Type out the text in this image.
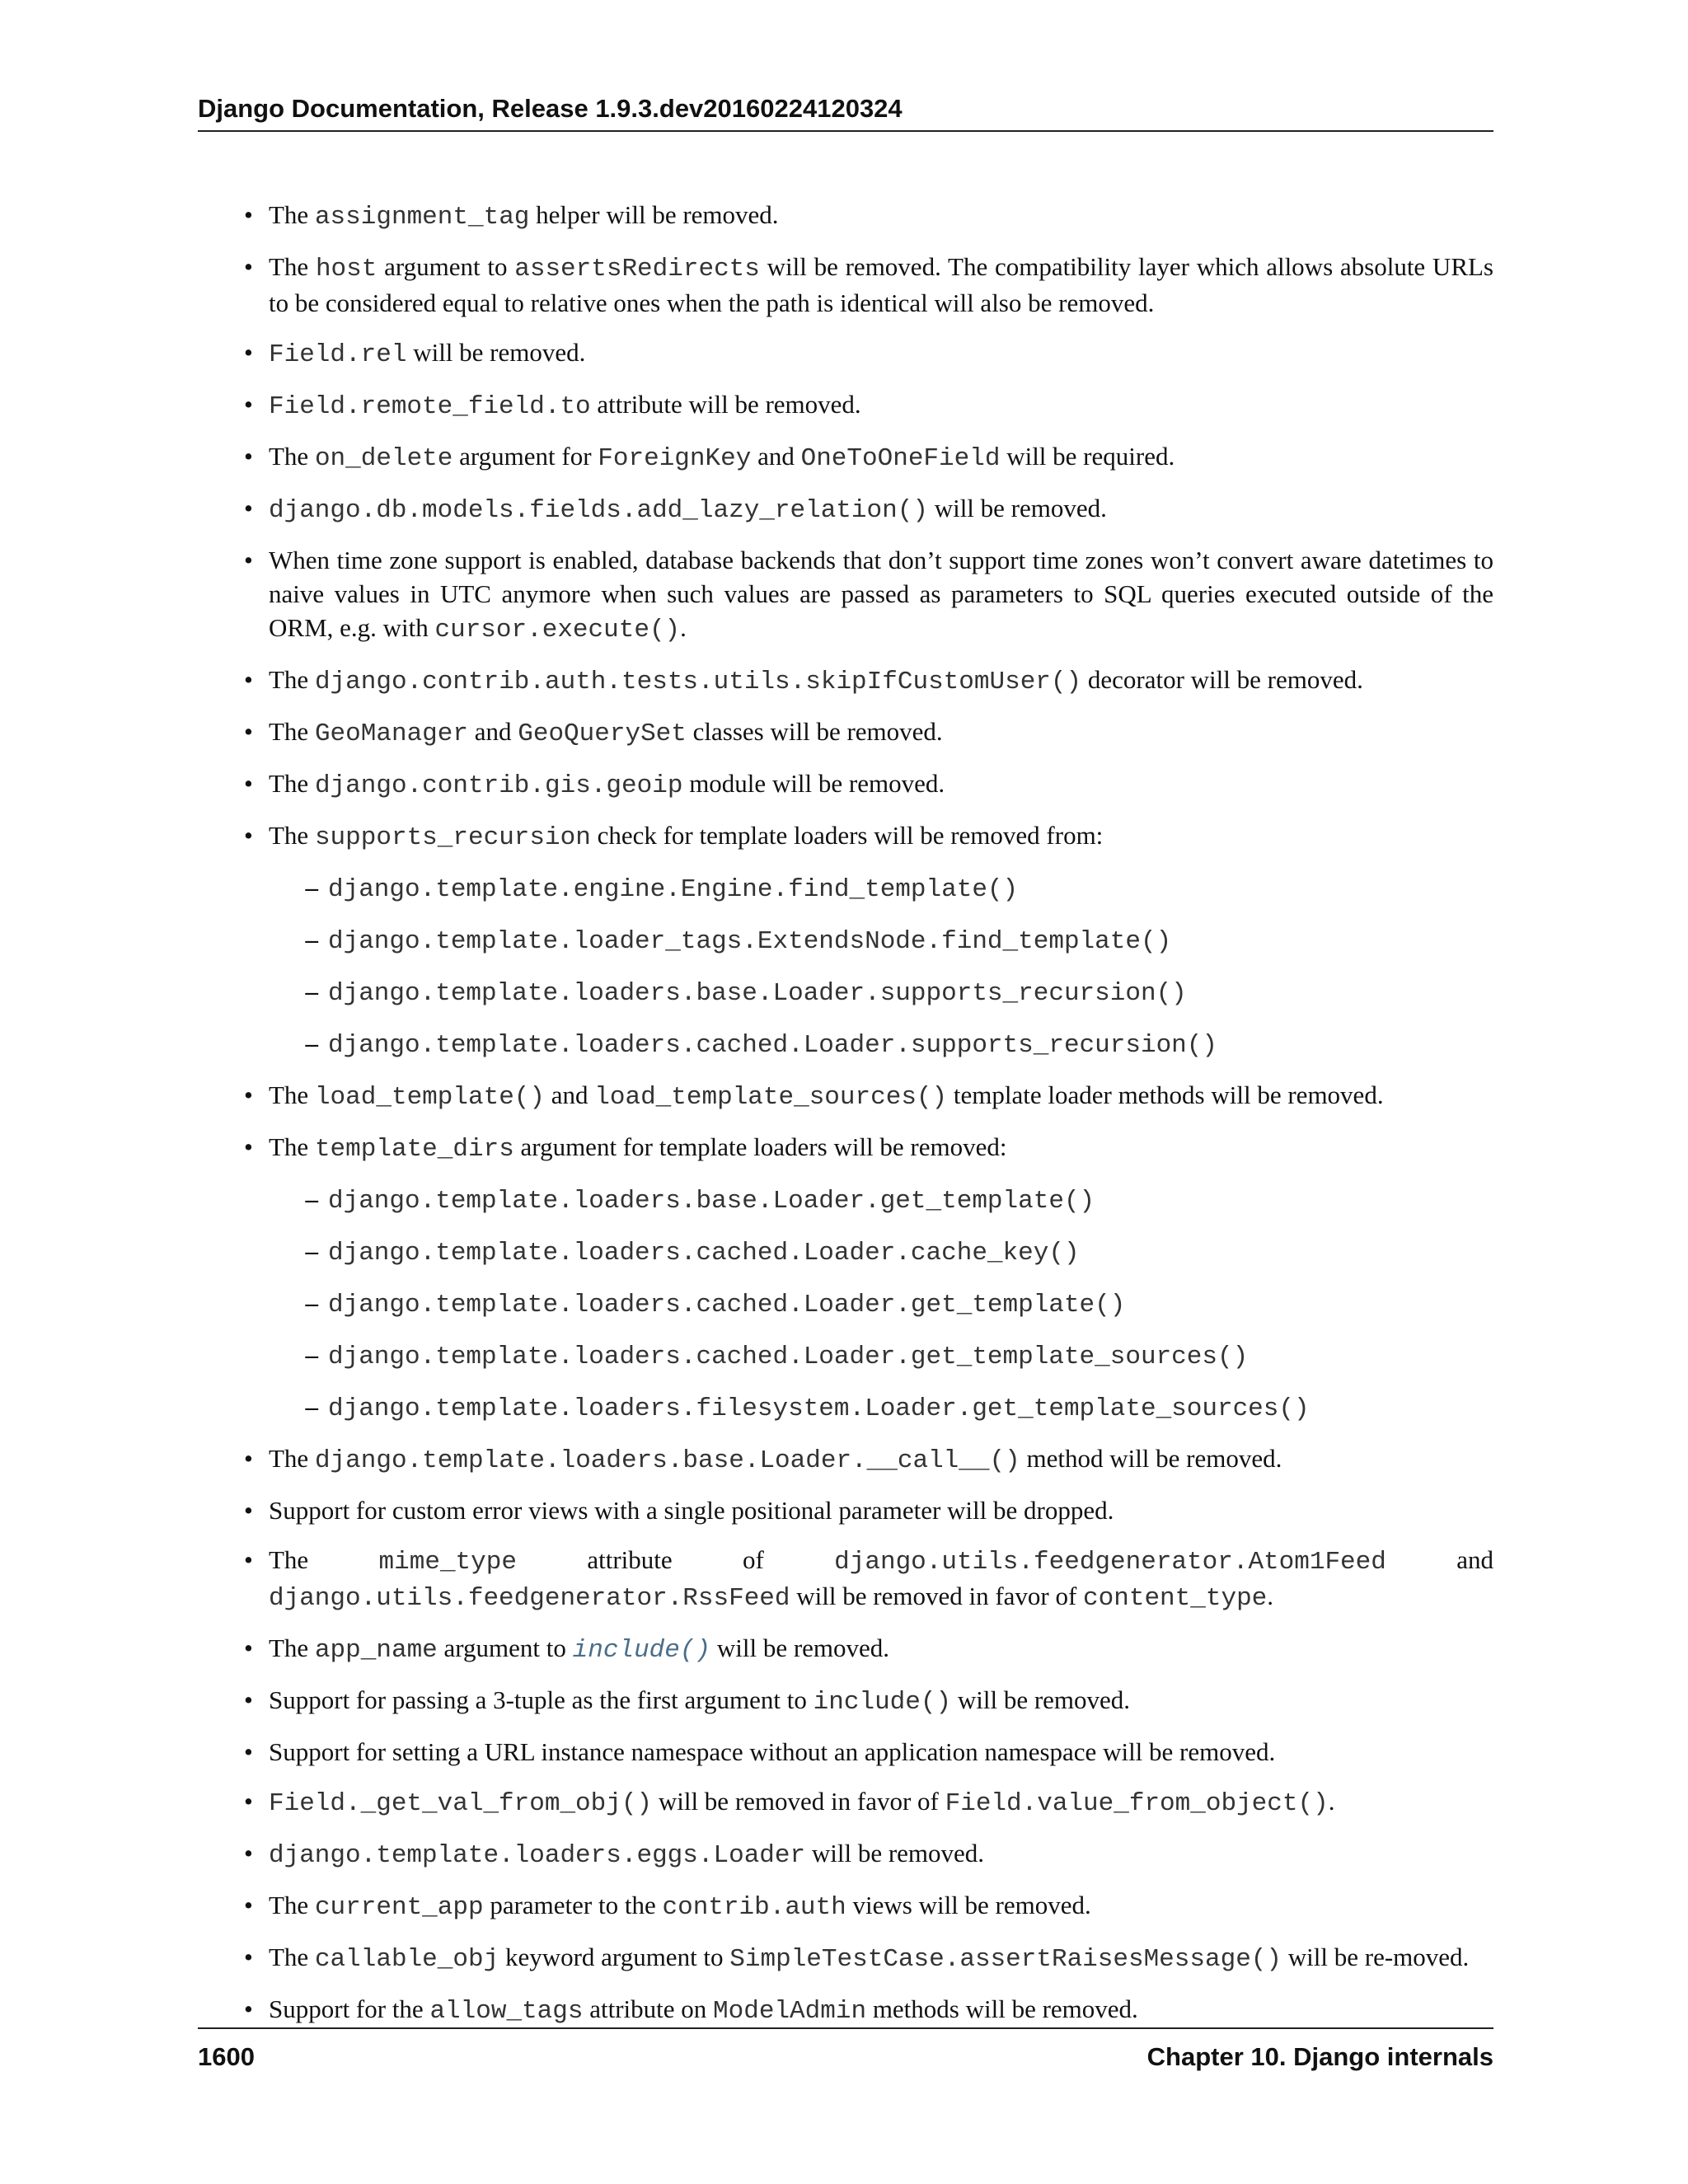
Django Documentation, Release 1.9.3.dev20160224120324
• The assignment_tag helper will be removed.
• The host argument to assertsRedirects will be removed. The compatibility layer which allows absolute URLs to be considered equal to relative ones when the path is identical will also be removed.
• Field.rel will be removed.
• Field.remote_field.to attribute will be removed.
• The on_delete argument for ForeignKey and OneToOneField will be required.
• django.db.models.fields.add_lazy_relation() will be removed.
• When time zone support is enabled, database backends that don’t support time zones won’t convert aware datetimes to naive values in UTC anymore when such values are passed as parameters to SQL queries executed outside of the ORM, e.g. with cursor.execute().
• The django.contrib.auth.tests.utils.skipIfCustomUser() decorator will be removed.
• The GeoManager and GeoQuerySet classes will be removed.
• The django.contrib.gis.geoip module will be removed.
• The supports_recursion check for template loaders will be removed from:
– django.template.engine.Engine.find_template()
– django.template.loader_tags.ExtendsNode.find_template()
– django.template.loaders.base.Loader.supports_recursion()
– django.template.loaders.cached.Loader.supports_recursion()
• The load_template() and load_template_sources() template loader methods will be removed.
• The template_dirs argument for template loaders will be removed:
– django.template.loaders.base.Loader.get_template()
– django.template.loaders.cached.Loader.cache_key()
– django.template.loaders.cached.Loader.get_template()
– django.template.loaders.cached.Loader.get_template_sources()
– django.template.loaders.filesystem.Loader.get_template_sources()
• The django.template.loaders.base.Loader.__call__() method will be removed.
• Support for custom error views with a single positional parameter will be dropped.
• The mime_type attribute of django.utils.feedgenerator.Atom1Feed and django.utils.feedgenerator.RssFeed will be removed in favor of content_type.
• The app_name argument to include() will be removed.
• Support for passing a 3-tuple as the first argument to include() will be removed.
• Support for setting a URL instance namespace without an application namespace will be removed.
• Field._get_val_from_obj() will be removed in favor of Field.value_from_object().
• django.template.loaders.eggs.Loader will be removed.
• The current_app parameter to the contrib.auth views will be removed.
• The callable_obj keyword argument to SimpleTestCase.assertRaisesMessage() will be re-moved.
• Support for the allow_tags attribute on ModelAdmin methods will be removed.
1600	Chapter 10. Django internals
